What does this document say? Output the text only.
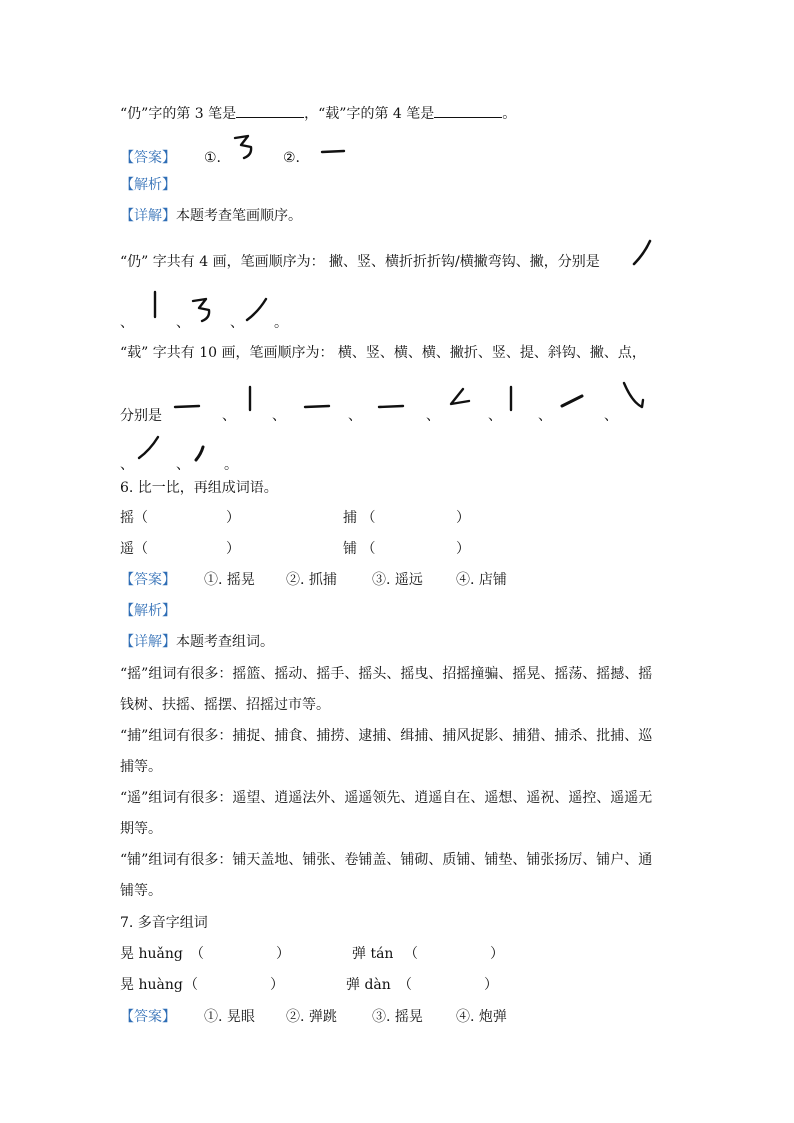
“仍”字的第 3 笔是	，“载”字的第 4 笔是	。
【答案】 ①.	②.
【解析】
【详解】本题考查笔画顺序。
“仍” 字共有 4 画，笔画顺序为： 撇、竖、横折折折钩/横撇弯钩、撇，分别是
、	、	、 。
“载” 字共有 10 画，笔画顺序为： 横、竖、横、横、撇折、竖、提、斜钩、撇、点，
分别是	、	、	、	、	、	、	、
、	、 。
6. 比一比，再组成词语。
摇（	）	捕 （	）
遥（	）	铺 （	）
【答案】 ①. 摇晃 ②. 抓捕	③. 遥远 ④. 店铺
【解析】
【详解】本题考查组词。
“摇”组词有很多：摇篮、摇动、摇手、摇头、摇曳、招摇撞骗、摇晃、摇荡、摇撼、摇
钱树、扶摇、摇摆、招摇过市等。
“捕”组词有很多：捕捉、捕食、捕捞、逮捕、缉捕、捕风捉影、捕猎、捕杀、批捕、巡
捕等。
“遥”组词有很多：遥望、逍遥法外、遥遥领先、逍遥自在、遥想、遥祝、遥控、遥遥无
期等。
“铺”组词有很多：铺天盖地、铺张、卷铺盖、铺砌、质铺、铺垫、铺张扬厉、铺户、通
铺等。
7. 多音字组词
晃 huǎng （	）	弹 tán （	）
晃 huàng （	）	弹 dàn （	）
【答案】 ①. 晃眼 ②. 弹跳	③. 摇晃 ④. 炮弹
